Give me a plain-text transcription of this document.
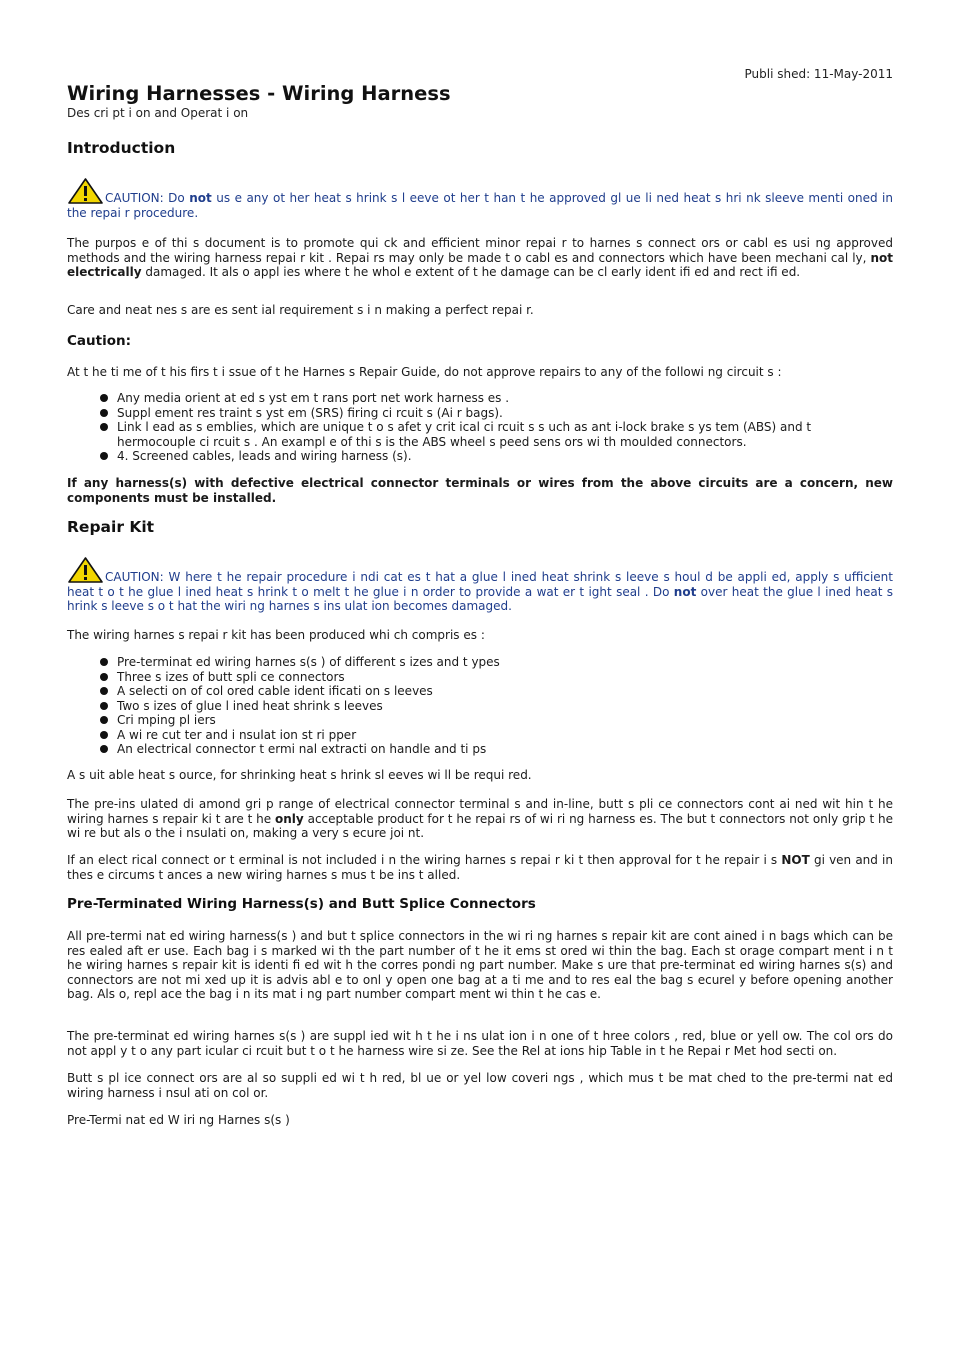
Publi shed: 11-May-2011
Wiring Harnesses - Wiring Harness
Des cri pt i on and Operat i on
Introduction

CAUTION: Do not us e any ot her heat s hrink s l eeve ot her t han t he approved gl ue li ned heat s hri nk sleeve menti oned in the repai r procedure.

The purpos e of thi s document is to promote qui ck and efficient minor repai r to harnes s connect ors or cabl es usi ng approved methods and the wiring harness repai r kit . Repai rs may only be made t o cabl es and connectors which have been mechani cal ly, not electrically damaged. It als o appl ies where t he whol e extent of t he damage can be cl early ident ifi ed and rect ifi ed.

Care and neat nes s are es sent ial requirement s i n making a perfect repai r.

Caution:

At t he ti me of t his firs t i ssue of t he Harnes s Repair Guide, do not approve repairs to any of the followi ng circuit s :

Any media orient at ed s yst em t rans port net work harness es .
Suppl ement res traint s yst em (SRS) firing ci rcuit s (Ai r bags).
Link l ead as s emblies, which are unique t o s afet y crit ical ci rcuit s s uch as ant i-lock brake s ys tem (ABS) and t hermocouple ci rcuit s . An exampl e of thi s is the ABS wheel s peed sens ors wi th moulded connectors.
4. Screened cables, leads and wiring harness (s).

If any harness(s) with defective electrical connector terminals or wires from the above circuits are a concern, new components must be installed.

Repair Kit

CAUTION: W here t he repair procedure i ndi cat es t hat a glue l ined heat shrink s leeve s houl d be appli ed, apply s ufficient heat t o t he glue l ined heat s hrink t o melt t he glue i n order to provide a wat er t ight seal . Do not over heat the glue l ined heat s hrink s leeve s o t hat the wiri ng harnes s ins ulat ion becomes damaged.

The wiring harnes s repai r kit has been produced whi ch compris es :

Pre-terminat ed wiring harnes s(s ) of different s izes and t ypes
Three s izes of butt spli ce connectors
A selecti on of col ored cable ident ificati on s leeves
Two s izes of glue l ined heat shrink s leeves
Cri mping pl iers
A wi re cut ter and i nsulat ion st ri pper
An electrical connector t ermi nal extracti on handle and ti ps

A s uit able heat s ource, for shrinking heat s hrink sl eeves wi ll be requi red.

The pre-ins ulated di amond gri p range of electrical connector terminal s and in-line, butt s pli ce connectors cont ai ned wit hin t he wiring harnes s repair ki t are t he only acceptable product for t he repai rs of wi ri ng harness es. The but t connectors not only grip t he wi re but als o the i nsulati on, making a very s ecure joi nt.

If an elect rical connect or t erminal is not included i n the wiring harnes s repai r ki t then approval for t he repair i s NOT gi ven and in thes e circums t ances a new wiring harnes s mus t be ins t alled.

Pre-Terminated Wiring Harness(s) and Butt Splice Connectors

All pre-termi nat ed wiring harness(s ) and but t splice connectors in the wi ri ng harnes s repair kit are cont ained i n bags which can be res ealed aft er use. Each bag i s marked wi th the part number of t he it ems st ored wi thin the bag. Each st orage compart ment i n t he wiring harnes s repair kit is identi fi ed wit h the corres pondi ng part number. Make s ure that pre-terminat ed wiring harnes s(s) and connectors are not mi xed up it is advis abl e to onl y open one bag at a ti me and to res eal the bag s ecurel y before opening another bag. Als o, repl ace the bag i n its mat i ng part number compart ment wi thin t he cas e.

The pre-terminat ed wiring harnes s(s ) are suppl ied wit h t he i ns ulat ion i n one of t hree colors , red, blue or yell ow. The col ors do not appl y t o any part icular ci rcuit but t o t he harness wire si ze. See the Rel at ions hip Table in t he Repai r Met hod secti on.

Butt s pl ice connect ors are al so suppli ed wi t h red, bl ue or yel low coveri ngs , which mus t be mat ched to the pre-termi nat ed wiring harness i nsul ati on col or.

Pre-Termi nat ed W iri ng Harnes s(s )
